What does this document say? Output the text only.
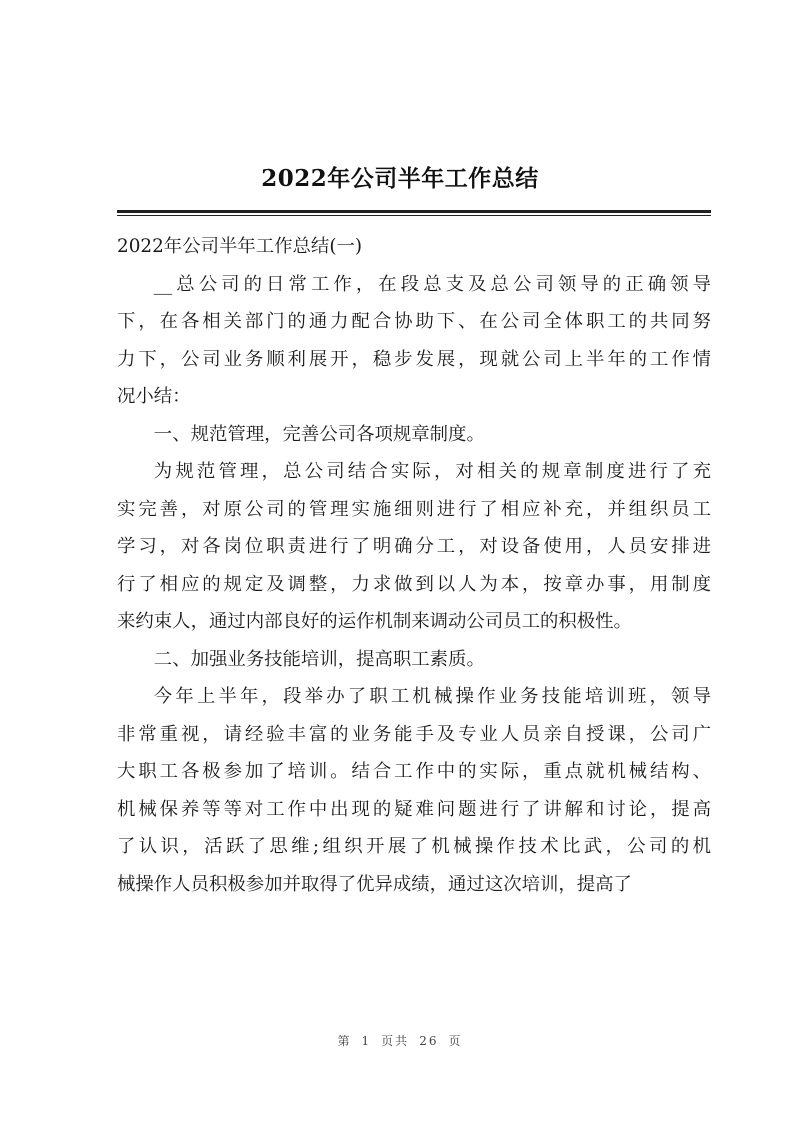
2022年公司半年工作总结

2022年公司半年工作总结(一)

__总公司的日常工作，在段总支及总公司领导的正确领导
下，在各相关部门的通力配合协助下、在公司全体职工的共同努
力下，公司业务顺利展开，稳步发展，现就公司上半年的工作情
况小结：

一、规范管理，完善公司各项规章制度。

为规范管理，总公司结合实际，对相关的规章制度进行了充
实完善，对原公司的管理实施细则进行了相应补充，并组织员工
学习，对各岗位职责进行了明确分工，对设备使用，人员安排进
行了相应的规定及调整，力求做到以人为本，按章办事，用制度
来约束人，通过内部良好的运作机制来调动公司员工的积极性。

二、加强业务技能培训，提高职工素质。

今年上半年，段举办了职工机械操作业务技能培训班，领导
非常重视，请经验丰富的业务能手及专业人员亲自授课，公司广
大职工各极参加了培训。结合工作中的实际，重点就机械结构、
机械保养等等对工作中出现的疑难问题进行了讲解和讨论，提高
了认识，活跃了思维;组织开展了机械操作技术比武，公司的机
械操作人员积极参加并取得了优异成绩，通过这次培训，提高了

第 1 页共 26 页
